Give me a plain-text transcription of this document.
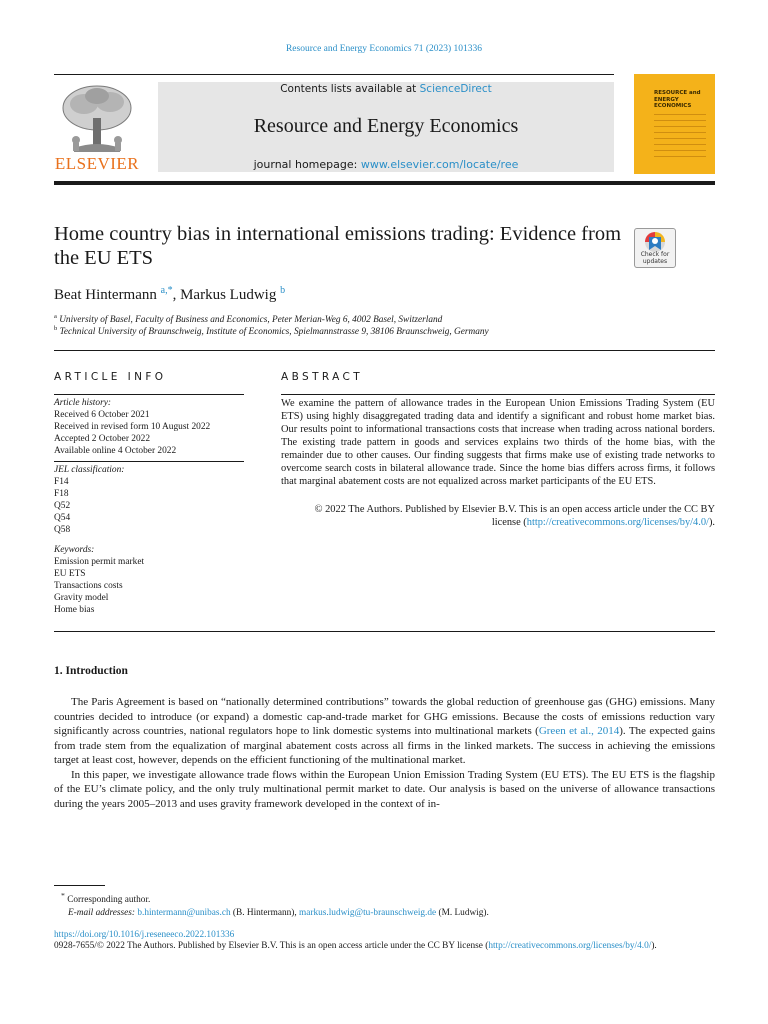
Resource and Energy Economics 71 (2023) 101336
ELSEVIER
Contents lists available at ScienceDirect
Resource and Energy Economics
journal homepage: www.elsevier.com/locate/ree
RESOURCE and ENERGY ECONOMICS
Home country bias in international emissions trading: Evidence from the EU ETS	Check for updates
Beat Hintermann $^{a,*}$, Markus Ludwig $^b$
$^a$ University of Basel, Faculty of Business and Economics, Peter Merian-Weg 6, 4002 Basel, Switzerland
$^b$ Technical University of Braunschweig, Institute of Economics, Spielmannstrasse 9, 38106 Braunschweig, Germany
ARTICLE INFO
Article history:
Received 6 October 2021
Received in revised form 10 August 2022
Accepted 2 October 2022
Available online 4 October 2022
JEL classification:
F14
F18
Q52
Q54
Q58
Keywords:
Emission permit market
EU ETS
Transactions costs
Gravity model
Home bias
ABSTRACT
We examine the pattern of allowance trades in the European Union Emissions Trading System (EU ETS) using highly disaggregated trading data and identify a significant and robust home market bias. Our results point to informational transactions costs that increase when trading across national borders. The existing trade pattern in goods and services explains two thirds of the home bias, with the remainder due to other causes. Our finding suggests that firms make use of existing trade networks to overcome search costs in bilateral allowance trade. Since the home bias differs across firms, it follows that marginal abatement costs are not equalized across market participants of the EU ETS.
© 2022 The Authors. Published by Elsevier B.V. This is an open access article under the CC BY
license (http://creativecommons.org/licenses/by/4.0/).
1. Introduction

The Paris Agreement is based on “nationally determined contributions” towards the global reduction of greenhouse gas (GHG) emissions. Many countries decided to introduce (or expand) a domestic cap-and-trade market for GHG emissions. Because the costs of emissions reduction vary significantly across countries, national regulators hope to link domestic systems into multinational markets (Green et al., 2014). The expected gains from trade stem from the equalization of marginal abatement costs across all firms in the linked markets. The success in achieving the emissions target at least cost, however, depends on the efficient functioning of the multinational market.

In this paper, we investigate allowance trade flows within the European Union Emission Trading System (EU ETS). The EU ETS is the flagship of the EU’s climate policy, and the only truly multinational permit market to date. Our analysis is based on the universe of allowance transactions during the years 2005–2013 and uses gravity framework developed in the context of in-

* Corresponding author.
E-mail addresses: b.hintermann@unibas.ch (B. Hintermann), markus.ludwig@tu-braunschweig.de (M. Ludwig).
https://doi.org/10.1016/j.reseneeco.2022.101336
0928-7655/© 2022 The Authors. Published by Elsevier B.V. This is an open access article under the CC BY license (http://creativecommons.org/licenses/by/4.0/).
